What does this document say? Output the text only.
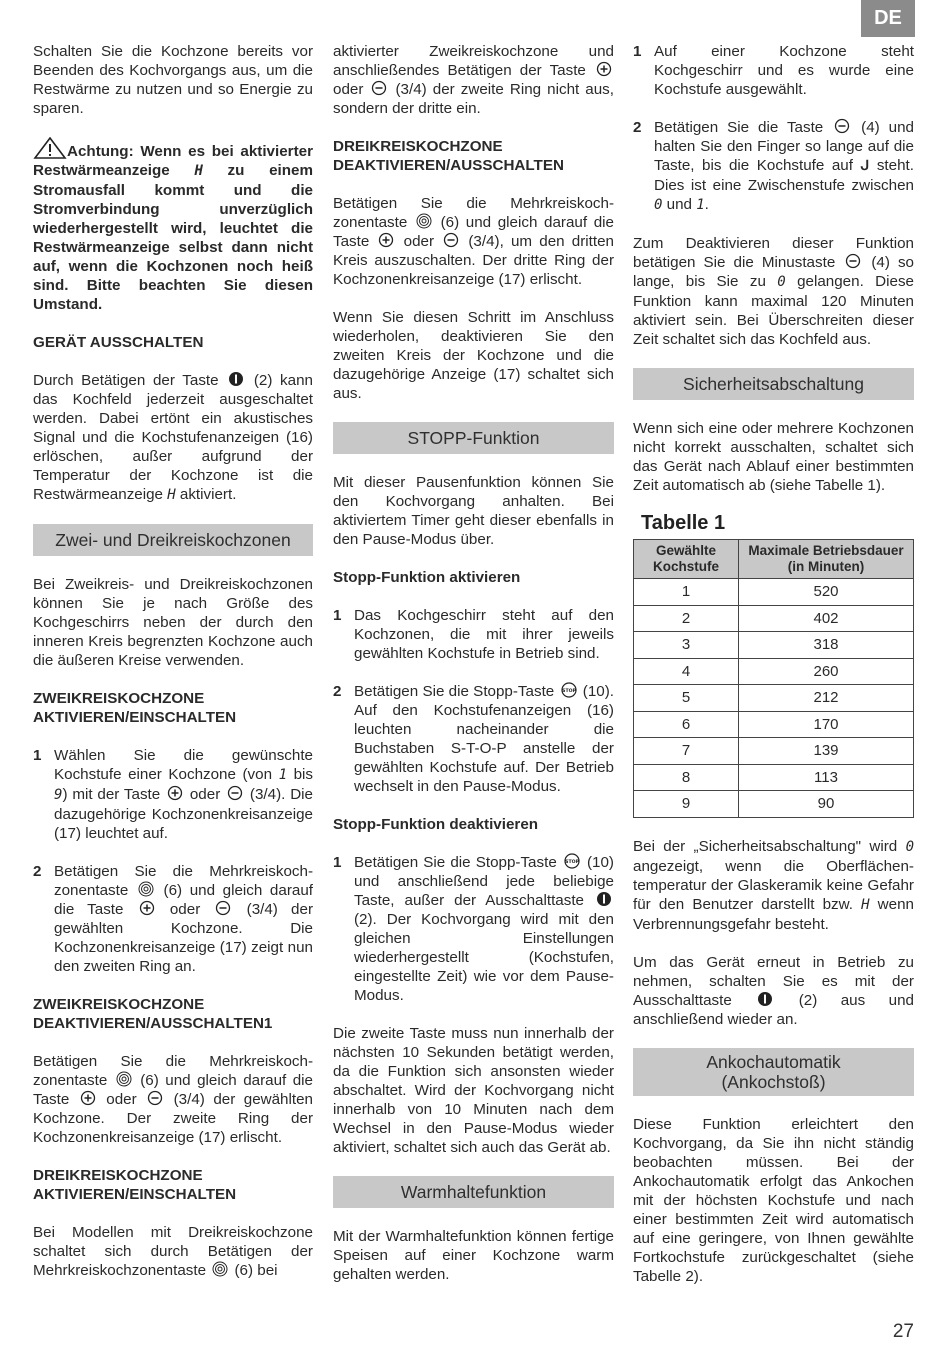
DE

Schalten Sie die Kochzone bereits vor Beenden des Kochvorgangs aus, um die Restwärme zu nutzen und so Energie zu sparen.

Achtung: Wenn es bei aktivierter Restwärmeanzeige H zu einem Stromausfall kommt und die Stromverbindung unverzüglich wiederhergestellt wird, leuchtet die Restwärmeanzeige selbst dann nicht auf, wenn die Kochzonen noch heiß sind. Bitte beachten Sie diesen Umstand.

GERÄT AUSSCHALTEN

Durch Betätigen der Taste
(2) kann das Kochfeld jederzeit ausgeschaltet werden. Dabei ertönt ein akustisches Signal und die Kochstufenanzeigen (16) erlöschen, außer aufgrund der Temperatur der Kochzone ist die Restwärmeanzeige H aktiviert.

Zwei- und Dreikreiskochzonen

Bei Zweikreis- und Dreikreiskochzonen können Sie je nach Größe des Kochgeschirrs neben der durch den inneren Kreis begrenzten Kochzone auch die äußeren Kreise verwenden.

ZWEIKREISKOCHZONE AKTIVIEREN/EINSCHALTEN
1 Wählen Sie die gewünschte Kochstufe einer Kochzone (von 1 bis 9) mit der Taste
oder
(3/4). Die dazugehörige Kochzonenkreisanzeige (17) leuchtet auf.
2 Betätigen Sie die Mehrkreiskoch-zonentaste
(6) und gleich darauf die Taste
oder
(3/4) der gewählten Kochzone. Die Kochzonenkreisanzeige (17) zeigt nun den zweiten Ring an.
ZWEIKREISKOCHZONE DEAKTIVIEREN/AUSSCHALTEN1

Betätigen Sie die Mehrkreiskoch-zonentaste
(6) und gleich darauf die Taste
oder
(3/4) der gewählten Kochzone. Der zweite Ring der Kochzonenkreisanzeige (17) erlischt.

DREIKREISKOCHZONE AKTIVIEREN/EINSCHALTEN

Bei Modellen mit Dreikreiskochzone schaltet sich durch Betätigen der Mehrkreiskochzonentaste
(6) bei

aktivierter Zweikreiskochzone und anschließendes Betätigen der Taste
oder
(3/4) der zweite Ring nicht aus, sondern der dritte ein.

DREIKREISKOCHZONE DEAKTIVIEREN/AUSSCHALTEN

Betätigen Sie die Mehrkreiskoch-zonentaste
(6) und gleich darauf die Taste
oder
(3/4), um den dritten Kreis auszuschalten. Der dritte Ring der Kochzonenkreisanzeige (17) erlischt.

Wenn Sie diesen Schritt im Anschluss wiederholen, deaktivieren Sie den zweiten Kreis der Kochzone und die dazugehörige Anzeige (17) schaltet sich aus.

STOPP-Funktion

Mit dieser Pausenfunktion können Sie den Kochvorgang anhalten. Bei aktiviertem Timer geht dieser ebenfalls in den Pause-Modus über.

Stopp-Funktion aktivieren
1 Das Kochgeschirr steht auf den Kochzonen, die mit ihrer jeweils gewählten Kochstufe in Betrieb sind.
2 Betätigen Sie die Stopp-Taste STOP (10). Auf den Kochstufenanzeigen (16) leuchten nacheinander die Buchstaben S-T-O-P anstelle der gewählten Kochstufe auf. Der Betrieb wechselt in den Pause-Modus.
Stopp-Funktion deaktivieren
1 Betätigen Sie die Stopp-Taste STOP (10) und anschließend jede beliebige Taste, außer der Ausschalttaste
(2). Der Kochvorgang wird mit den gleichen Einstellungen wiederhergestellt (Kochstufen, eingestellte Zeit) wie vor dem Pause-Modus.

Die zweite Taste muss nun innerhalb der nächsten 10 Sekunden betätigt werden, da die Funktion sich ansonsten wieder abschaltet. Wird der Kochvorgang nicht innerhalb von 10 Minuten nach dem Wechsel in den Pause-Modus wieder aktiviert, schaltet sich auch das Gerät ab.

Warmhaltefunktion

Mit der Warmhaltefunktion können fertige Speisen auf einer Kochzone warm gehalten werden.

1 Auf einer Kochzone steht Kochgeschirr und es wurde eine Kochstufe ausgewählt.
2 Betätigen Sie die Taste
(4) und halten Sie den Finger so lange auf die Taste, bis die Kochstufe auf ᒍ steht. Dies ist eine Zwischenstufe zwischen 0 und 1.

Zum Deaktivieren dieser Funktion betätigen Sie die Minustaste
(4) so lange, bis Sie zu 0 gelangen. Diese Funktion kann maximal 120 Minuten aktiviert sein. Bei Überschreiten dieser Zeit schaltet sich das Kochfeld aus.

Sicherheitsabschaltung

Wenn sich eine oder mehrere Kochzonen nicht korrekt ausschalten, schaltet sich das Gerät nach Ablauf einer bestimmten Zeit automatisch ab (siehe Tabelle 1).

Tabelle 1
Gewählte Kochstufe	Maximale Betriebsdauer (in Minuten)
1	520
2	402
3	318
4	260
5	212
6	170
7	139
8	113
9	90

Bei der „Sicherheitsabschaltung" wird 0 angezeigt, wenn die Oberflächen-temperatur der Glaskeramik keine Gefahr für den Benutzer darstellt bzw. H wenn Verbrennungsgefahr besteht.

Um das Gerät erneut in Betrieb zu nehmen, schalten Sie es mit der Ausschalttaste
(2) aus und anschließend wieder an.

Ankochautomatik (Ankochstoß)

Diese Funktion erleichtert den Kochvorgang, da Sie ihn nicht ständig beobachten müssen. Bei der Ankochautomatik erfolgt das Ankochen mit der höchsten Kochstufe und nach einer bestimmten Zeit wird automatisch auf eine geringere, von Ihnen gewählte Fortkochstufe zurückgeschaltet (siehe Tabelle 2).

27
